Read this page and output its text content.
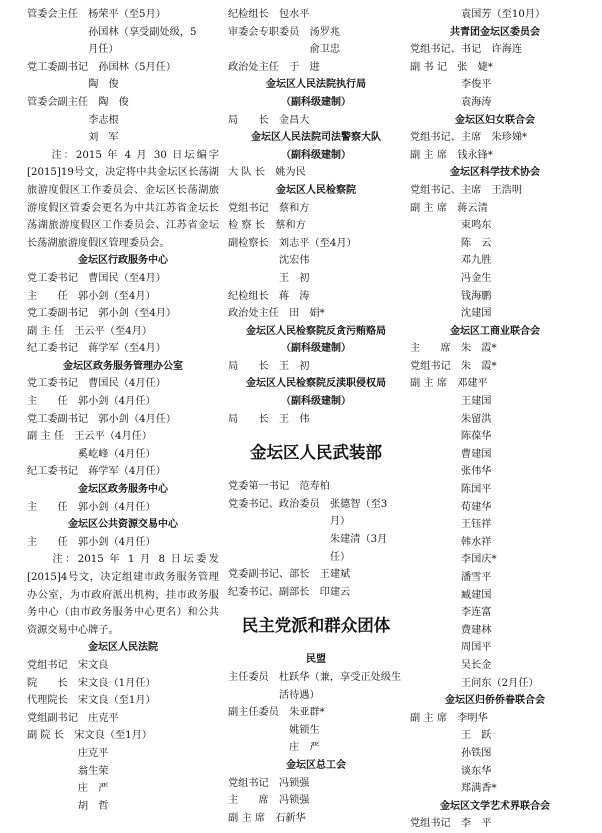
管委会主任　杨荣平（至5月）
　　　　　　孙国林（享受副处级，5
　　　　　　月任）
党工委副书记　孙国林（5月任）
　　　　　　陶　俊
管委会副主任　陶　俊
　　　　　　李志根
　　　　　　刘　军
　　注：2015 年 4 月 30 日坛编字 [2015]19号文，决定将中共金坛区长荡湖旅游度假区工作委员会、金坛区长荡湖旅游度假区管委会更名为中共江苏省金坛长荡湖旅游度假区工作委员会、江苏省金坛长荡湖旅游度假区管理委员会。
金坛区行政服务中心
党工委书记　曹国民（至4月）
主　　任　郭小剑（至4月）
党工委副书记　郭小剑（至4月）
副 主 任　王云平（至4月）
纪工委书记　蒋学军（至4月）
金坛区政务服务管理办公室
党工委书记　曹国民（4月任）
主　　任　郭小剑（4月任）
党工委副书记　郭小剑（4月任）
副 主 任　王云平（4月任）
　　　　　奚屹峰（4月任）
纪工委书记　蒋学军（4月任）
金坛区政务服务中心
主　　任　郭小剑（4月任）
金坛区公共资源交易中心
主　　任　郭小剑（4月任）
　　注：2015 年 1 月 8 日坛委发 [2015]4号文，决定组建市政务服务管理办公室，为市政府派出机构，挂市政务服务中心（由市政务服务中心更名）和公共资源交易中心牌子。
金坛区人民法院
党组书记　宋文良
院　　长　宋文良（1月任）
代理院长　宋文良（至1月）
党组副书记　庄克平
副 院 长　宋文良（至1月）
　　　　　庄克平
　　　　　翁生荣
　　　　　庄　严
　　　　　胡　哲
纪检组长　包水平
审委会专职委员　汤罗兆
　　　　　　　　俞卫忠
政治处主任　于　进
金坛区人民法院执行局
（副科级建制）
局　　长　金昌大
金坛区人民法院司法警察大队
（副科级建制）
大 队 长　姚为民
金坛区人民检察院
党组书记　蔡和方
检 察 长　蔡和方
副检察长　刘志平（至4月）
　　　　　沈宏伟
　　　　　王　初
纪检组长　蒋　涛
政治处主任　田　娟*
金坛区人民检察院反贪污贿赂局
（副科级建制）
局　　长　王　初
金坛区人民检察院反渎职侵权局
（副科级建制）
局　　长　王　伟
金坛区人民武装部
党委第一书记　范寿柏
党委书记、政治委员　张德智（至3
　　　　　　　　　　月）
　　　　　　　　　　朱建清（3月
　　　　　　　　　　任）
党委副书记、部长　王建斌
纪委书记、副部长　印建云
民主党派和群众团体
民盟
主任委员　杜跃华（兼，享受正处级生
　　　　　活待遇）
副主任委员　朱亚群*
　　　　　　姚锁生
　　　　　　庄　严
金坛区总工会
党组书记　冯锁强
主　　席　冯锁强
副 主 席　石新华
　　　　　袁国芳（至10月）
共青团金坛区委员会
党组书记、书记　许海连
副 书 记　张　婕*
　　　　　李俊平
　　　　　袁海涛
金坛区妇女联合会
党组书记、主席　朱珍娣*
副 主 席　钱永锋*
金坛区科学技术协会
党组书记、主席　王浩明
副 主 席　蒋云清
　　　　　束鸣东
　　　　　陈　云
　　　　　邓九胜
　　　　　冯金生
　　　　　钱海鹏
　　　　　沈建国
金坛区工商业联合会
主　　席　朱　霞*
党组书记　朱　霞*
副 主 席　邓建平
　　　　　王建国
　　　　　朱留洪
　　　　　陈葆华
　　　　　曹建国
　　　　　张伟华
　　　　　陈国平
　　　　　荀建华
　　　　　王钰祥
　　　　　韩水祥
　　　　　李国庆*
　　　　　潘雪平
　　　　　臧建国
　　　　　李连富
　　　　　费建林
　　　　　周国平
　　　　　吴长金
　　　　　王问东（2月任）
金坛区归侨侨眷联合会
副 主 席　李明华
　　　　　王　跃
　　　　　孙铁图
　　　　　谈东华
　　　　　郑满香*
金坛区文学艺术界联合会
党组书记　李　平
